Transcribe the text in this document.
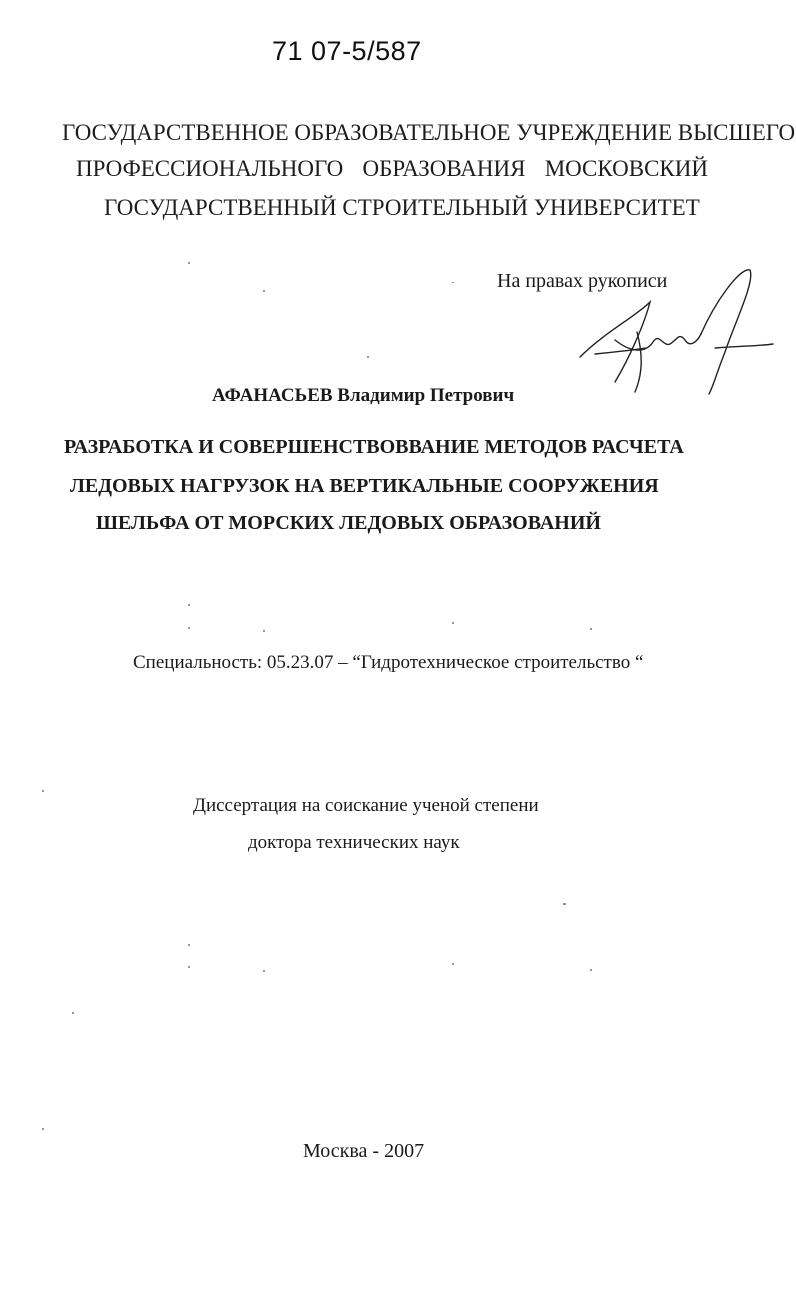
71 07-5/587
ГОСУДАРСТВЕННОЕ ОБРАЗОВАТЕЛЬНОЕ УЧРЕЖДЕНИЕ ВЫСШЕГО
ПРОФЕССИОНАЛЬНОГО ОБРАЗОВАНИЯ МОСКОВСКИЙ
ГОСУДАРСТВЕННЫЙ СТРОИТЕЛЬНЫЙ УНИВЕРСИТЕТ
На правах рукописи
АФАНАСЬЕВ Владимир Петрович
РАЗРАБОТКА И СОВЕРШЕНСТВОВВАНИЕ МЕТОДОВ РАСЧЕТА
ЛЕДОВЫХ НАГРУЗОК НА ВЕРТИКАЛЬНЫЕ СООРУЖЕНИЯ
ШЕЛЬФА ОТ МОРСКИХ ЛЕДОВЫХ ОБРАЗОВАНИЙ
Специальность: 05.23.07 – “Гидротехническое строительство “
Диссертация на соискание ученой степени
доктора технических наук
Москва - 2007
